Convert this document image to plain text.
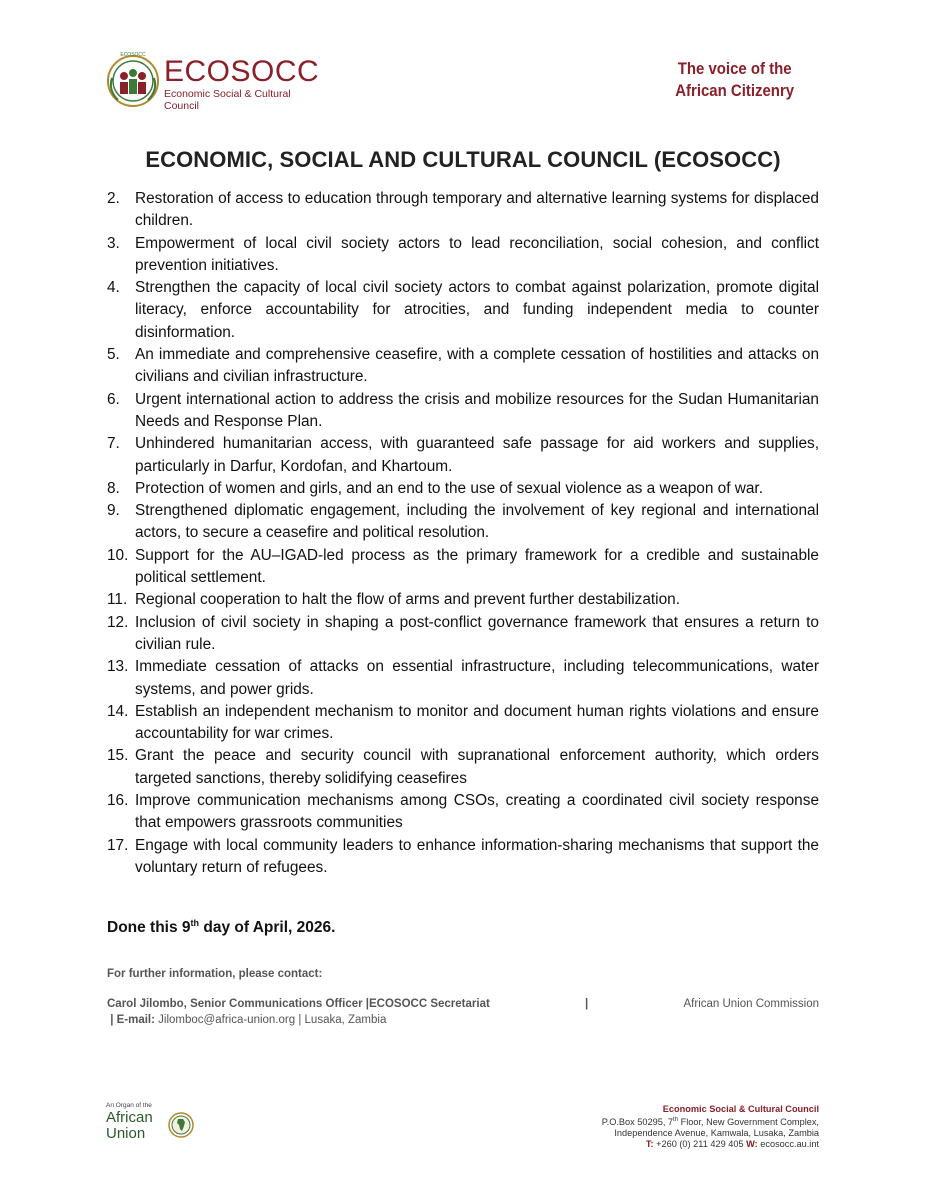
ECOSOCC ECOSOCC
Economic Social & Cultural Council
The voice of the
African Citizenry
ECONOMIC, SOCIAL AND CULTURAL COUNCIL (ECOSOCC)
2. Restoration of access to education through temporary and alternative learning systems for displaced children.
3. Empowerment of local civil society actors to lead reconciliation, social cohesion, and conflict prevention initiatives.
4. Strengthen the capacity of local civil society actors to combat against polarization, promote digital literacy, enforce accountability for atrocities, and funding independent media to counter disinformation.
5. An immediate and comprehensive ceasefire, with a complete cessation of hostilities and attacks on civilians and civilian infrastructure.
6. Urgent international action to address the crisis and mobilize resources for the Sudan Humanitarian Needs and Response Plan.
7. Unhindered humanitarian access, with guaranteed safe passage for aid workers and supplies, particularly in Darfur, Kordofan, and Khartoum.
8. Protection of women and girls, and an end to the use of sexual violence as a weapon of war.
9. Strengthened diplomatic engagement, including the involvement of key regional and international actors, to secure a ceasefire and political resolution.
10. Support for the AU–IGAD-led process as the primary framework for a credible and sustainable political settlement.
11. Regional cooperation to halt the flow of arms and prevent further destabilization.
12. Inclusion of civil society in shaping a post-conflict governance framework that ensures a return to civilian rule.
13. Immediate cessation of attacks on essential infrastructure, including telecommunications, water systems, and power grids.
14. Establish an independent mechanism to monitor and document human rights violations and ensure accountability for war crimes.
15. Grant the peace and security council with supranational enforcement authority, which orders targeted sanctions, thereby solidifying ceasefires
16. Improve communication mechanisms among CSOs, creating a coordinated civil society response that empowers grassroots communities
17. Engage with local community leaders to enhance information-sharing mechanisms that support the voluntary return of refugees.
Done this 9th day of April, 2026.
For further information, please contact:
Carol Jilombo, Senior Communications Officer |ECOSOCC Secretariat	|	African Union Commission
| E-mail: Jilomboc@africa-union.org | Lusaka, Zambia
An Organ of the
African
Union
Economic Social & Cultural Council
P.O.Box 50295, 7th Floor, New Government Complex,
Independence Avenue, Kamwala, Lusaka, Zambia
T: +260 (0) 211 429 405 W: ecosocc.au.int
